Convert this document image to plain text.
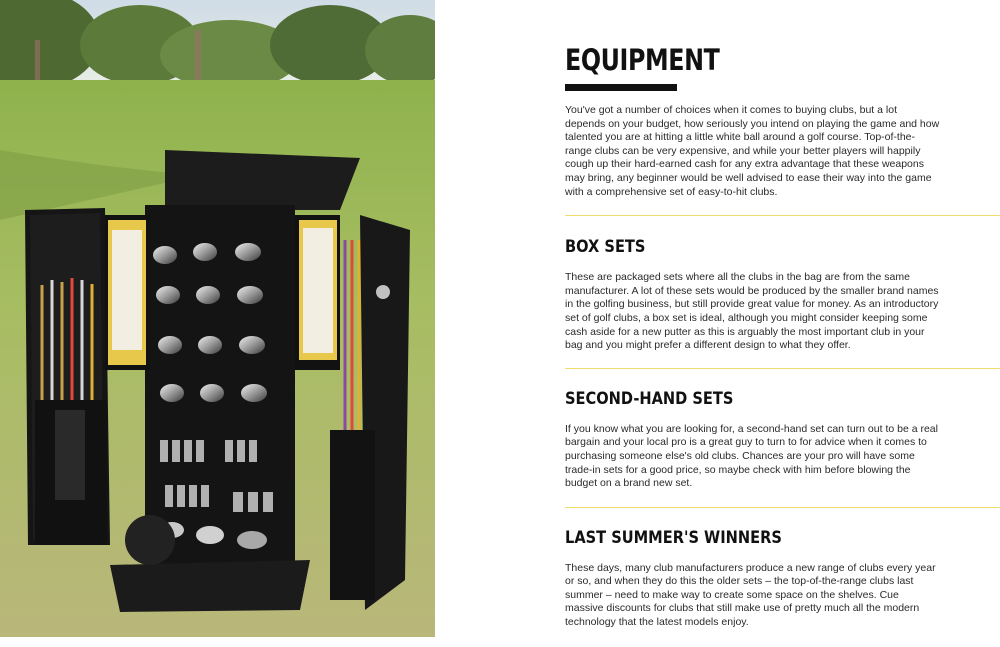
EQUIPMENT

You've got a number of choices when it comes to buying clubs, but a lot depends on your budget, how seriously you intend on playing the game and how talented you are at hitting a little white ball around a golf course. Top-of-the-range clubs can be very expensive, and while your better players will happily cough up their hard-earned cash for any extra advantage that these weapons may bring, any beginner would be well advised to ease their way into the game with a comprehensive set of easy-to-hit clubs.

BOX SETS

These are packaged sets where all the clubs in the bag are from the same manufacturer. A lot of these sets would be produced by the smaller brand names in the golfing business, but still provide great value for money. As an introductory set of golf clubs, a box set is ideal, although you might consider keeping some cash aside for a new putter as this is arguably the most important club in your bag and you might prefer a different design to what they offer.

SECOND-HAND SETS

If you know what you are looking for, a second-hand set can turn out to be a real bargain and your local pro is a great guy to turn to for advice when it comes to purchasing someone else's old clubs. Chances are your pro will have some trade-in sets for a good price, so maybe check with him before blowing the budget on a brand new set.

LAST SUMMER'S WINNERS

These days, many club manufacturers produce a new range of clubs every year or so, and when they do this the older sets – the top-of-the-range clubs last summer – need to make way to create some space on the shelves. Cue massive discounts for clubs that still make use of pretty much all the modern technology that the latest models enjoy.
